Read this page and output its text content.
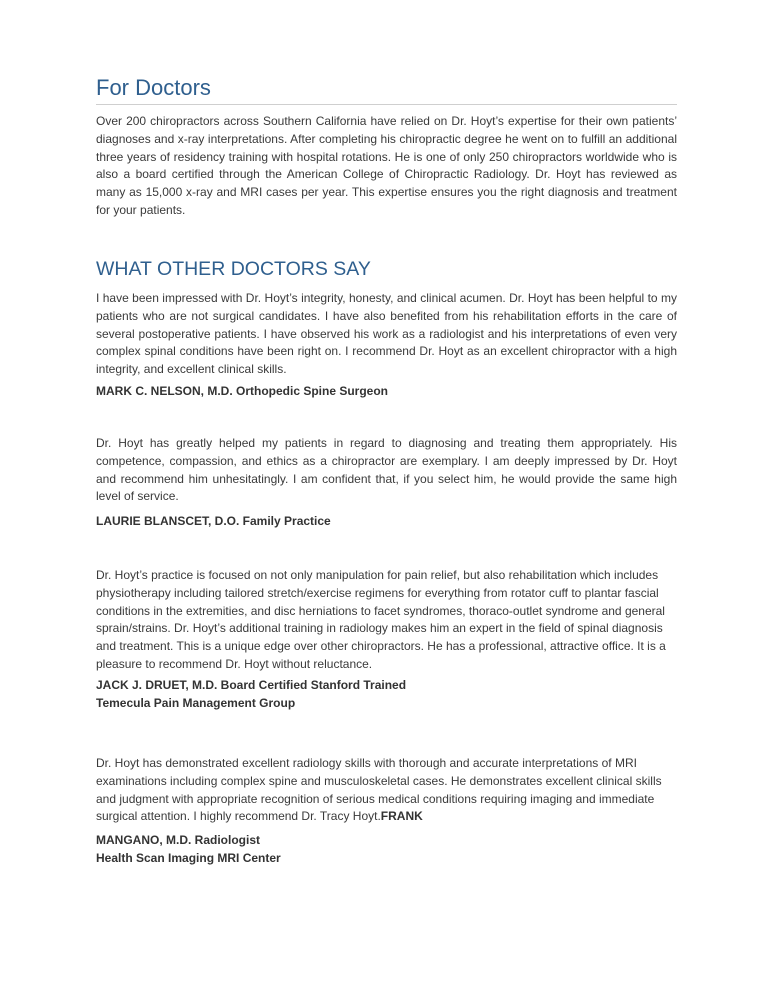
For Doctors

Over 200 chiropractors across Southern California have relied on Dr. Hoyt’s expertise for their own patients’ diagnoses and x-ray interpretations. After completing his chiropractic degree he went on to fulfill an additional three years of residency training with hospital rotations. He is one of only 250 chiropractors worldwide who is also a board certified through the American College of Chiropractic Radiology. Dr. Hoyt has reviewed as many as 15,000 x-ray and MRI cases per year. This expertise ensures you the right diagnosis and treatment for your patients.

WHAT OTHER DOCTORS SAY

I have been impressed with Dr. Hoyt’s integrity, honesty, and clinical acumen. Dr. Hoyt has been helpful to my patients who are not surgical candidates. I have also benefited from his rehabilitation efforts in the care of several postoperative patients. I have observed his work as a radiologist and his interpretations of even very complex spinal conditions have been right on. I recommend Dr. Hoyt as an excellent chiropractor with a high integrity, and excellent clinical skills.

MARK C. NELSON, M.D. Orthopedic Spine Surgeon

Dr. Hoyt has greatly helped my patients in regard to diagnosing and treating them appropriately. His competence, compassion, and ethics as a chiropractor are exemplary. I am deeply impressed by Dr. Hoyt and recommend him unhesitatingly. I am confident that, if you select him, he would provide the same high level of service.

LAURIE BLANSCET, D.O. Family Practice

Dr. Hoyt’s practice is focused on not only manipulation for pain relief, but also rehabilitation which includes physiotherapy including tailored stretch/exercise regimens for everything from rotator cuff to plantar fascial conditions in the extremities, and disc herniations to facet syndromes, thoraco-outlet syndrome and general sprain/strains. Dr. Hoyt’s additional training in radiology makes him an expert in the field of spinal diagnosis and treatment. This is a unique edge over other chiropractors. He has a professional, attractive office. It is a pleasure to recommend Dr. Hoyt without reluctance.

JACK J. DRUET, M.D. Board Certified Stanford Trained
Temecula Pain Management Group

Dr. Hoyt has demonstrated excellent radiology skills with thorough and accurate interpretations of MRI examinations including complex spine and musculoskeletal cases. He demonstrates excellent clinical skills and judgment with appropriate recognition of serious medical conditions requiring imaging and immediate surgical attention. I highly recommend Dr. Tracy Hoyt.FRANK

MANGANO, M.D. Radiologist
Health Scan Imaging MRI Center
